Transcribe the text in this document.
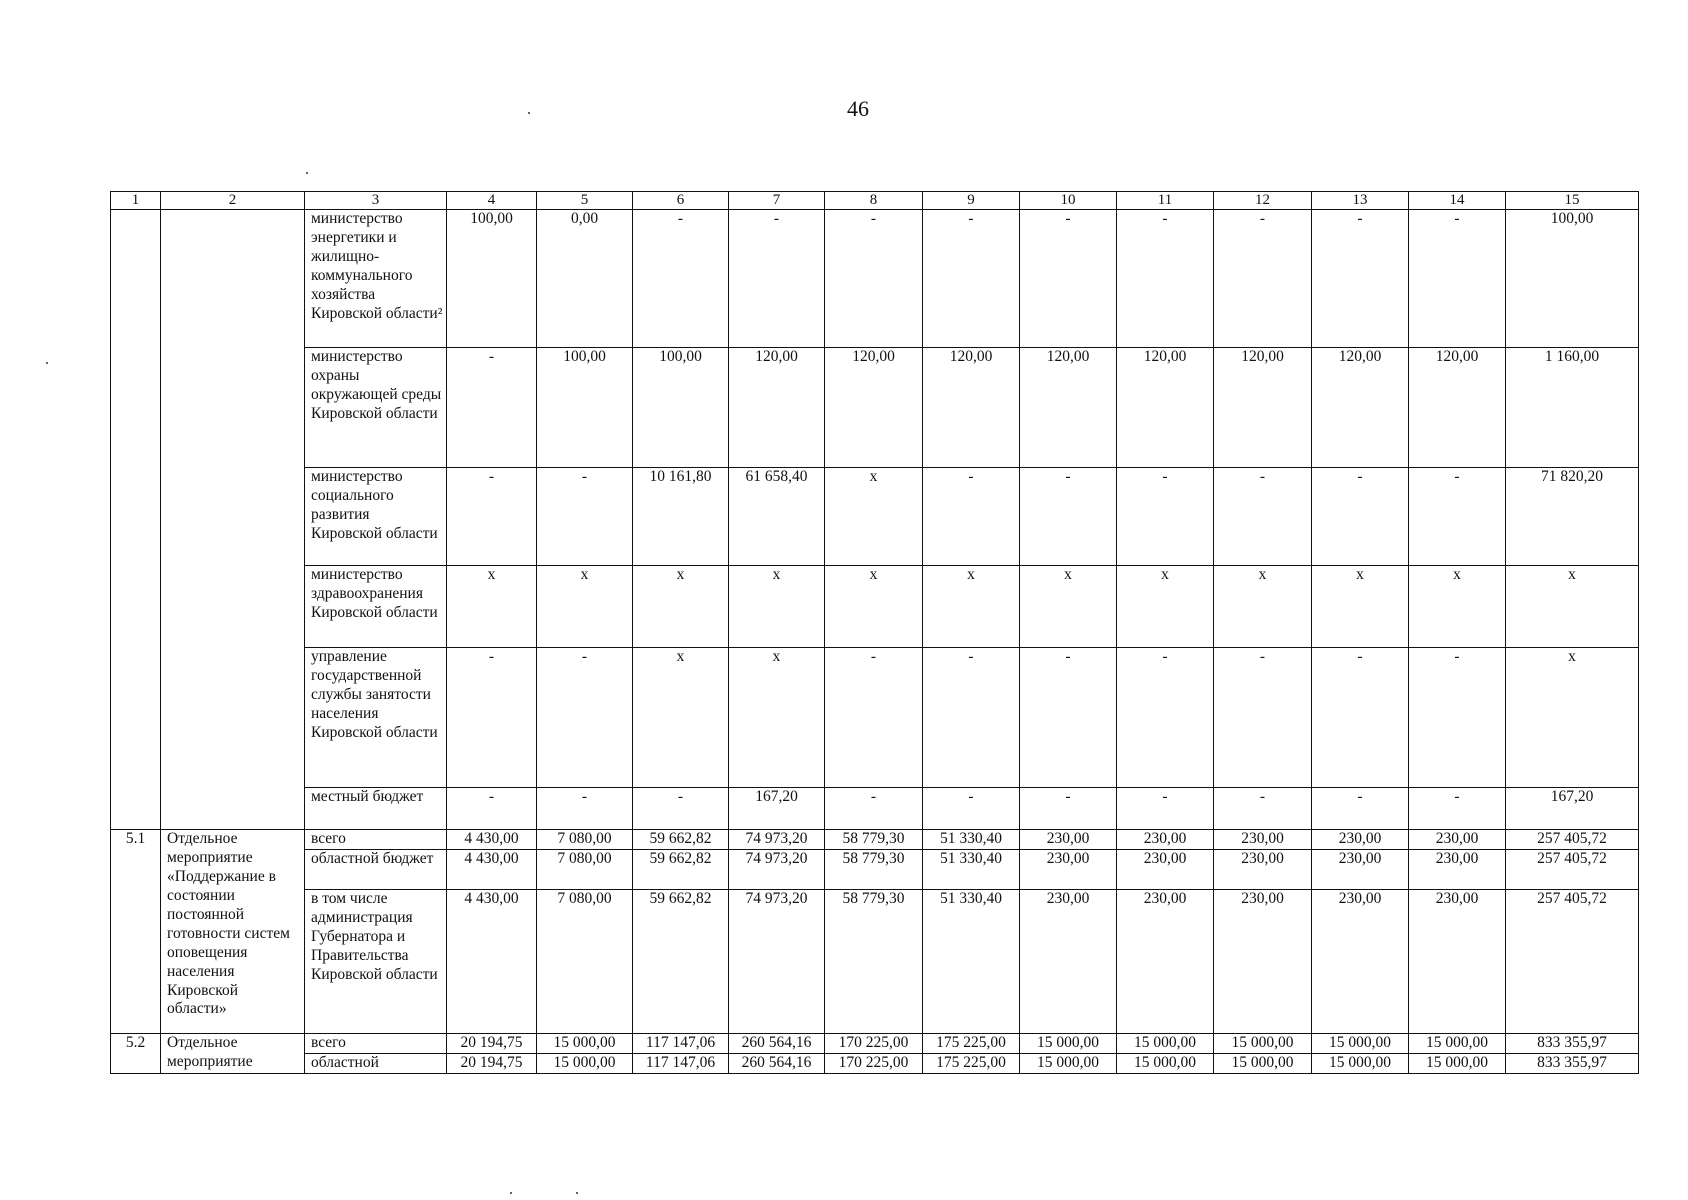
46
1	2	3	4	5	6	7	8	9	10	11	12	13	14	15
		министерство энергетики и жилищно-коммунального хозяйства Кировской области²	100,00	0,00	-	-	-	-	-	-	-	-	-	100,00
		министерство охраны окружающей среды Кировской области	-	100,00	100,00	120,00	120,00	120,00	120,00	120,00	120,00	120,00	120,00	1 160,00
		министерство социального развития Кировской области	-	-	10 161,80	61 658,40	x	-	-	-	-	-	-	71 820,20
		министерство здравоохранения Кировской области	x	x	x	x	x	x	x	x	x	x	x	x
		управление государственной службы занятости населения Кировской области	-	-	x	x	-	-	-	-	-	-	-	x
		местный бюджет	-	-	-	167,20	-	-	-	-	-	-	-	167,20
5.1	Отдельное мероприятие «Поддержание в состоянии постоянной готовности систем оповещения населения Кировской области»	всего	4 430,00	7 080,00	59 662,82	74 973,20	58 779,30	51 330,40	230,00	230,00	230,00	230,00	230,00	257 405,72
		областной бюджет	4 430,00	7 080,00	59 662,82	74 973,20	58 779,30	51 330,40	230,00	230,00	230,00	230,00	230,00	257 405,72
		в том числе администрация Губернатора и Правительства Кировской области	4 430,00	7 080,00	59 662,82	74 973,20	58 779,30	51 330,40	230,00	230,00	230,00	230,00	230,00	257 405,72
5.2	Отдельное мероприятие	всего	20 194,75	15 000,00	117 147,06	260 564,16	170 225,00	175 225,00	15 000,00	15 000,00	15 000,00	15 000,00	15 000,00	833 355,97
		областной	20 194,75	15 000,00	117 147,06	260 564,16	170 225,00	175 225,00	15 000,00	15 000,00	15 000,00	15 000,00	15 000,00	833 355,97
